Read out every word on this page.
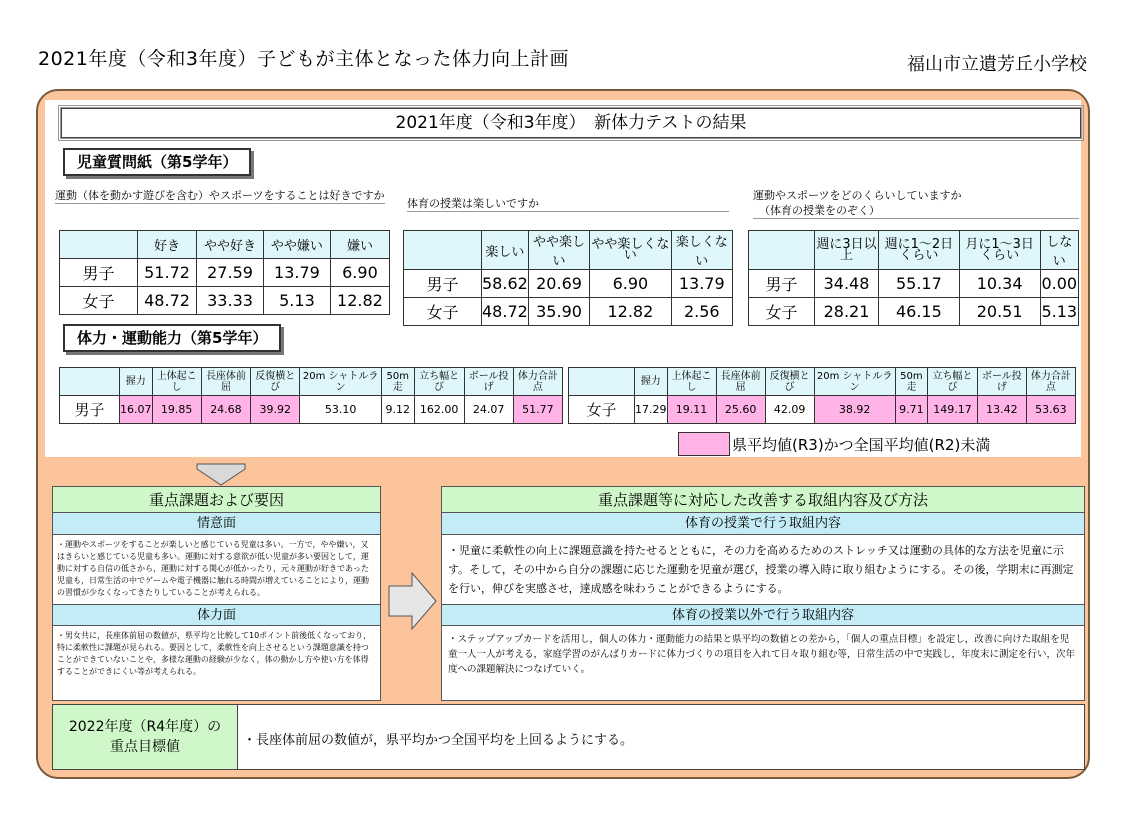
2021年度（令和3年度）子どもが主体となった体力向上計画	福山市立遺芳丘小学校
2021年度（令和3年度）　新体力テストの結果
児童質問紙（第5学年）
運動（体を動かす遊びを含む）やスポーツをすることは好きですか
	好き	やや好き	やや嫌い	嫌い
男子	51.72	27.59	13.79	6.90
女子	48.72	33.33	5.13	12.82
体育の授業は楽しいですか
	楽しい	やや楽しい	やや楽しくない	楽しくない
男子	58.62	20.69	6.90	13.79
女子	48.72	35.90	12.82	2.56
運動やスポーツをどのくらいしていますか
（体育の授業をのぞく）
	週に3日以上	週に1～2日くらい	月に1～3日くらい	しない
男子	34.48	55.17	10.34	0.00
女子	28.21	46.15	20.51	5.13
体力・運動能力（第5学年）
	握力	上体起こし	長座体前屈	反復横とび	20m シャトルラン	50m走	立ち幅とび	ボール投げ	体力合計点
男子	16.07	19.85	24.68	39.92	53.10	9.12	162.00	24.07	51.77
	握力	上体起こし	長座体前屈	反復横とび	20m シャトルラン	50m走	立ち幅とび	ボール投げ	体力合計点
女子	17.29	19.11	25.60	42.09	38.92	9.71	149.17	13.42	53.63
県平均値(R3)かつ全国平均値(R2)未満
重点課題および要因
情意面
・運動やスポーツをすることが楽しいと感じている児童は多い。一方で，やや嫌い，又はきらいと感じている児童も多い。運動に対する意欲が低い児童が多い要因として，運動に対する自信の低さから，運動に対する関心が低かったり，元々運動が好きであった児童も，日常生活の中でゲームや電子機器に触れる時間が増えていることにより，運動の習慣が少なくなってきたりしていることが考えられる。
体力面
・男女共に，長座体前屈の数値が，県平均と比較して10ポイント前後低くなっており，特に柔軟性に課題が見られる。要因として，柔軟性を向上させるという課題意識を持つことができていないことや，多様な運動の経験が少なく，体の動かし方や使い方を体得することができにくい等が考えられる。
重点課題等に対応した改善する取組内容及び方法
体育の授業で行う取組内容
・児童に柔軟性の向上に課題意識を持たせるとともに，その力を高めるためのストレッチ又は運動の具体的な方法を児童に示す。そして，その中から自分の課題に応じた運動を児童が選び，授業の導入時に取り組むようにする。その後，学期末に再測定を行い，伸びを実感させ，達成感を味わうことができるようにする。
体育の授業以外で行う取組内容
・ステップアップカードを活用し，個人の体力・運動能力の結果と県平均の数値との差から，「個人の重点目標」を設定し，改善に向けた取組を児童一人一人が考える，家庭学習のがんばりカードに体力づくりの項目を入れて日々取り組む等，日常生活の中で実践し，年度末に測定を行い，次年度への課題解決につなげていく。
2022年度（R4年度）の
重点目標値	・長座体前屈の数値が，県平均かつ全国平均を上回るようにする。
